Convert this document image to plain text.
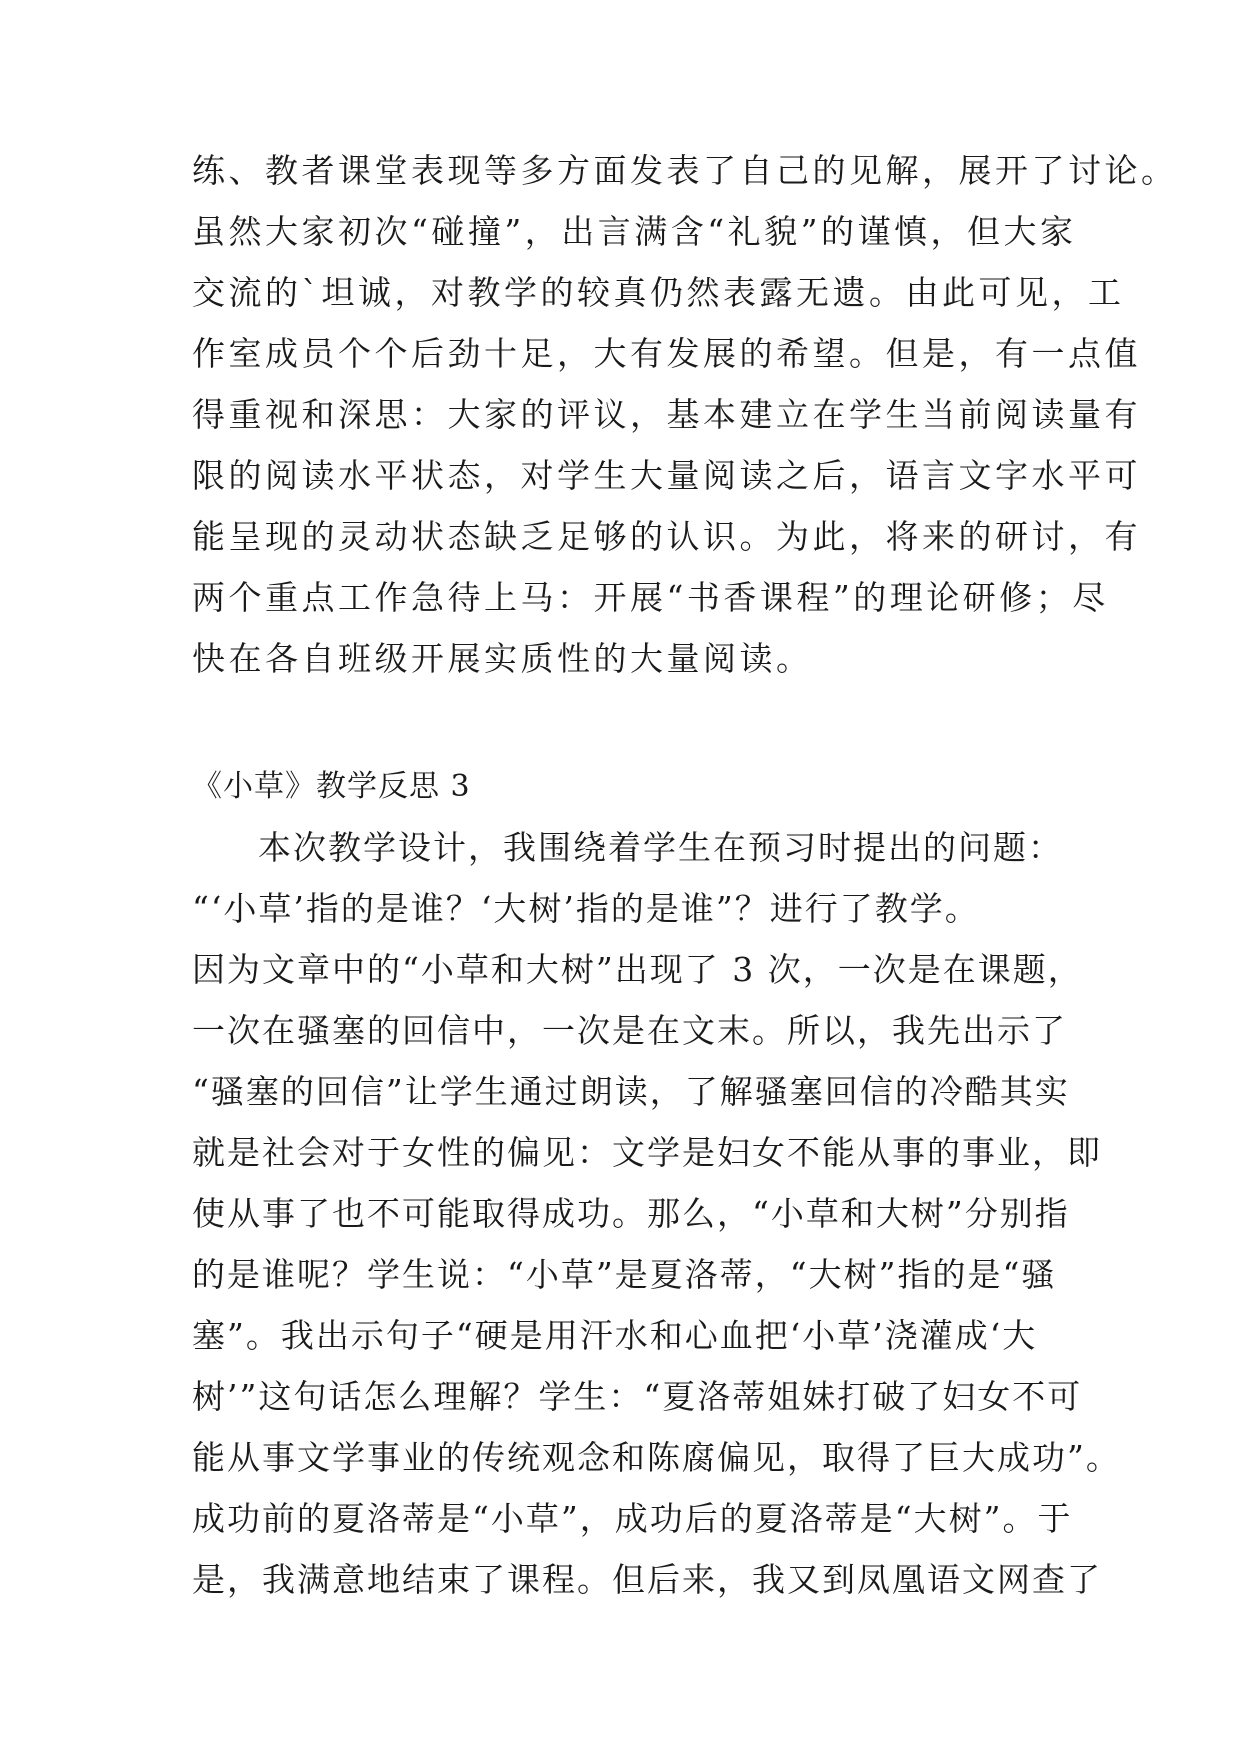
练、教者课堂表现等多方面发表了自己的见解，展开了讨论。
虽然大家初次“碰撞”，出言满含“礼貌”的谨慎，但大家
交流的`坦诚，对教学的较真仍然表露无遗。由此可见，工
作室成员个个后劲十足，大有发展的希望。但是，有一点值
得重视和深思：大家的评议，基本建立在学生当前阅读量有
限的阅读水平状态，对学生大量阅读之后，语言文字水平可
能呈现的灵动状态缺乏足够的认识。为此，将来的研讨，有
两个重点工作急待上马：开展“书香课程”的理论研修；尽
快在各自班级开展实质性的大量阅读。
《小草》教学反思 3
本次教学设计，我围绕着学生在预习时提出的问题：
“‘小草’指的是谁？‘大树’指的是谁”？进行了教学。
因为文章中的“小草和大树”出现了 3 次，一次是在课题，
一次在骚塞的回信中，一次是在文末。所以，我先出示了
“骚塞的回信”让学生通过朗读，了解骚塞回信的冷酷其实
就是社会对于女性的偏见：文学是妇女不能从事的事业，即
使从事了也不可能取得成功。那么，“小草和大树”分别指
的是谁呢？学生说：“小草”是夏洛蒂，“大树”指的是“骚
塞”。我出示句子“硬是用汗水和心血把‘小草’浇灌成‘大
树’”这句话怎么理解？学生：“夏洛蒂姐妹打破了妇女不可
能从事文学事业的传统观念和陈腐偏见，取得了巨大成功”。
成功前的夏洛蒂是“小草”，成功后的夏洛蒂是“大树”。于
是，我满意地结束了课程。但后来，我又到凤凰语文网查了
